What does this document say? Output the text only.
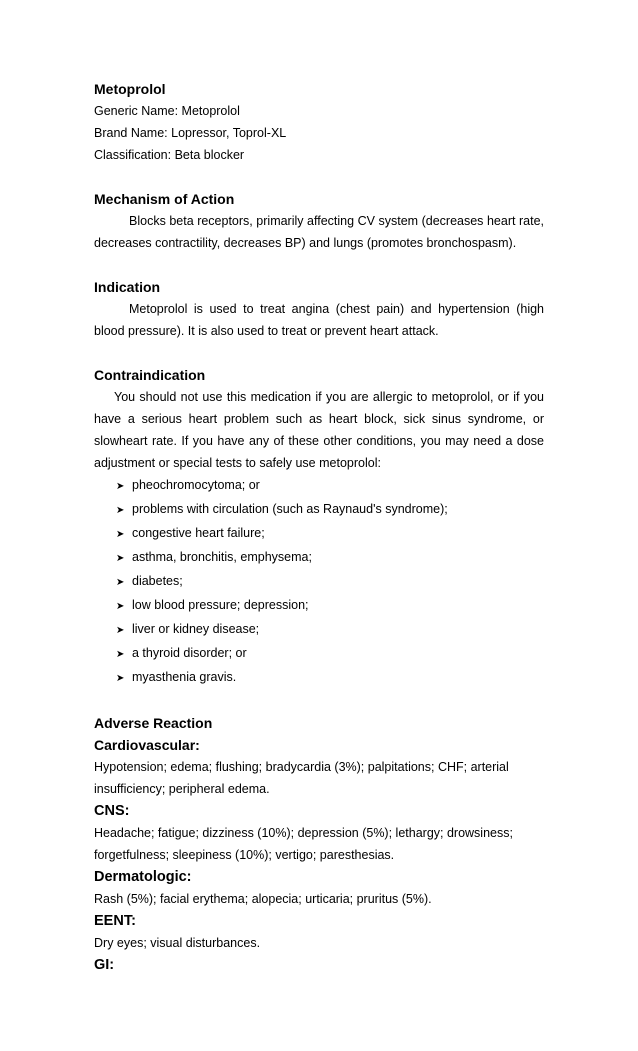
Metoprolol

Generic Name: Metoprolol

Brand Name: Lopressor, Toprol-XL

Classification: Beta blocker

Mechanism of Action

Blocks beta receptors, primarily affecting CV system (decreases heart rate, decreases contractility, decreases BP) and lungs (promotes bronchospasm).

Indication

Metoprolol is used to treat angina (chest pain) and hypertension (high blood pressure). It is also used to treat or prevent heart attack.

Contraindication

You should not use this medication if you are allergic to metoprolol, or if you have a serious heart problem such as heart block, sick sinus syndrome, or slowheart rate. If you have any of these other conditions, you may need a dose adjustment or special tests to safely use metoprolol:

➤ pheochromocytoma; or
➤ problems with circulation (such as Raynaud's syndrome);
➤ congestive heart failure;
➤ asthma, bronchitis, emphysema;
➤ diabetes;
➤ low blood pressure; depression;
➤ liver or kidney disease;
➤ a thyroid disorder; or
➤ myasthenia gravis.

Adverse Reaction

Cardiovascular:

Hypotension; edema; flushing; bradycardia (3%); palpitations; CHF; arterial

insufficiency; peripheral edema.

CNS:

Headache; fatigue; dizziness (10%); depression (5%); lethargy; drowsiness;

forgetfulness; sleepiness (10%); vertigo; paresthesias.

Dermatologic:

Rash (5%); facial erythema; alopecia; urticaria; pruritus (5%).

EENT:

Dry eyes; visual disturbances.

GI:
